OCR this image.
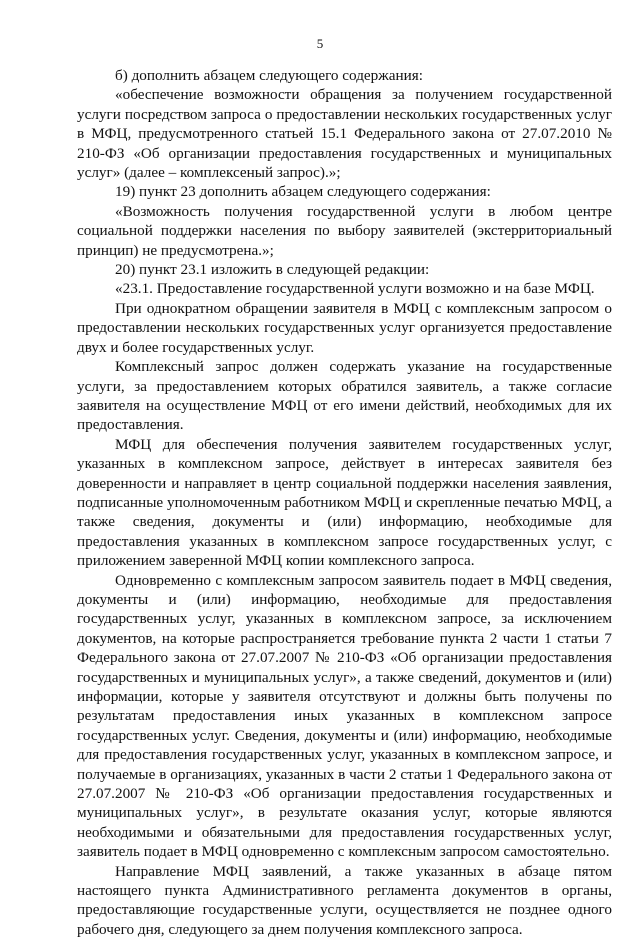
5

б) дополнить абзацем следующего содержания:

«обеспечение возможности обращения за получением государственной услуги посредством запроса о предоставлении нескольких государственных услуг в МФЦ, предусмотренного статьей 15.1 Федерального закона от 27.07.2010 № 210-ФЗ «Об организации предоставления государственных и муниципальных услуг» (далее – комплексеный запрос).»;

19) пункт 23 дополнить абзацем следующего содержания:

«Возможность получения государственной услуги в любом центре социальной поддержки населения по выбору заявителей (экстерриториальный принцип) не предусмотрена.»;

20) пункт 23.1 изложить в следующей редакции:

«23.1. Предоставление государственной услуги возможно и на базе МФЦ.

При однократном обращении заявителя в МФЦ с комплексным запросом о предоставлении нескольких государственных услуг организуется предоставление двух и более государственных услуг.

Комплексный запрос должен содержать указание на государственные услуги, за предоставлением которых обратился заявитель, а также согласие заявителя на осуществление МФЦ от его имени действий, необходимых для их предоставления.

МФЦ для обеспечения получения заявителем государственных услуг, указанных в комплексном запросе, действует в интересах заявителя без доверенности и направляет в центр социальной поддержки населения заявления, подписанные уполномоченным работником МФЦ и скрепленные печатью МФЦ, а также сведения, документы и (или) информацию, необходимые для предоставления указанных в комплексном запросе государственных услуг, с приложением заверенной МФЦ копии комплексного запроса.

Одновременно с комплексным запросом заявитель подает в МФЦ сведения, документы и (или) информацию, необходимые для предоставления государственных услуг, указанных в комплексном запросе, за исключением документов, на которые распространяется требование пункта 2 части 1 статьи 7 Федерального закона от 27.07.2007 № 210-ФЗ «Об организации предоставления государственных и муниципальных услуг», а также сведений, документов и (или) информации, которые у заявителя отсутствуют и должны быть получены по результатам предоставления иных указанных в комплексном запросе государственных услуг. Сведения, документы и (или) информацию, необходимые для предоставления государственных услуг, указанных в комплексном запросе, и получаемые в организациях, указанных в части 2 статьи 1 Федерального закона от 27.07.2007 № 210-ФЗ «Об организации предоставления государственных и муниципальных услуг», в результате оказания услуг, которые являются необходимыми и обязательными для предоставления государственных услуг, заявитель подает в МФЦ одновременно с комплексным запросом самостоятельно.

Направление МФЦ заявлений, а также указанных в абзаце пятом настоящего пункта Административного регламента документов в органы, предоставляющие государственные услуги, осуществляется не позднее одного рабочего дня, следующего за днем получения комплексного запроса.
